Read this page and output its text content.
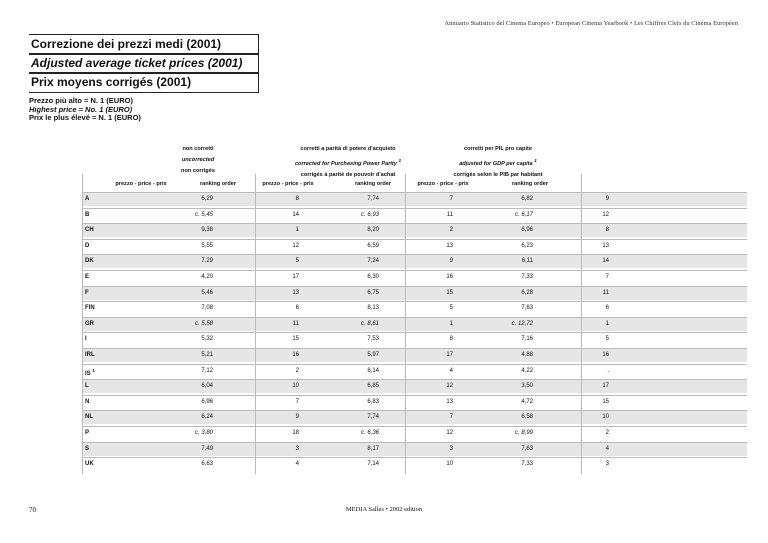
Annuario Statistico del Cinema Europeo • European Cinema Yearbook • Les Chiffres Clefs du Cinéma Européen
Correzione dei prezzi medi (2001)
Adjusted average ticket prices (2001)
Prix moyens corrigés (2001)
Prezzo più alto = N. 1 (EURO)
Highest price = No. 1 (EURO)
Prix le plus élevé = N. 1 (EURO)
non corretti
uncorrected
non corrigés
corretti a parità di potere d'acquisto
corrected for Purchasing Power Parity $^1$
corrigés à parité de pouvoir d'achat
corretti per PIL pro capite
adjusted for GDP per capita $^1$
corrigés selon le PIB par habitant
prezzo - price - prix	ranking order	prezzo - price - prix	ranking order	prezzo - price - prix	ranking order
A	6,29	8	7,74	7	6,82	9
B	c. 5,45	14	c. 6,93	11	c. 6,17	12
CH	9,38	1	8,20	2	6,96	8
D	5,55	12	6,59	13	6,23	13
DK	7,29	5	7,24	9	6,11	14
E	4,20	17	6,30	16	7,33	7
F	5,46	13	6,75	15	6,28	11
FIN	7,08	6	8,13	5	7,63	6
GR	c. 5,58	11	c. 8,61	1	c. 12,72	1
I	5,32	15	7,53	8	7,16	5
IRL	5,21	16	5,97	17	4,88	16
IS $^1$	7,12	2	8,14	4	4,22	.
L	6,04	10	6,85	12	3,50	17
N	6,96	7	6,83	13	4,72	15
NL	6,24	9	7,74	7	6,58	10
P	c. 3,80	18	c. 6,36	12	c. 8,99	2
S	7,49	3	8,17	3	7,63	4
UK	6,63	4	7,14	10	7,33	3
70	MEDIA Salles • 2002 edition
